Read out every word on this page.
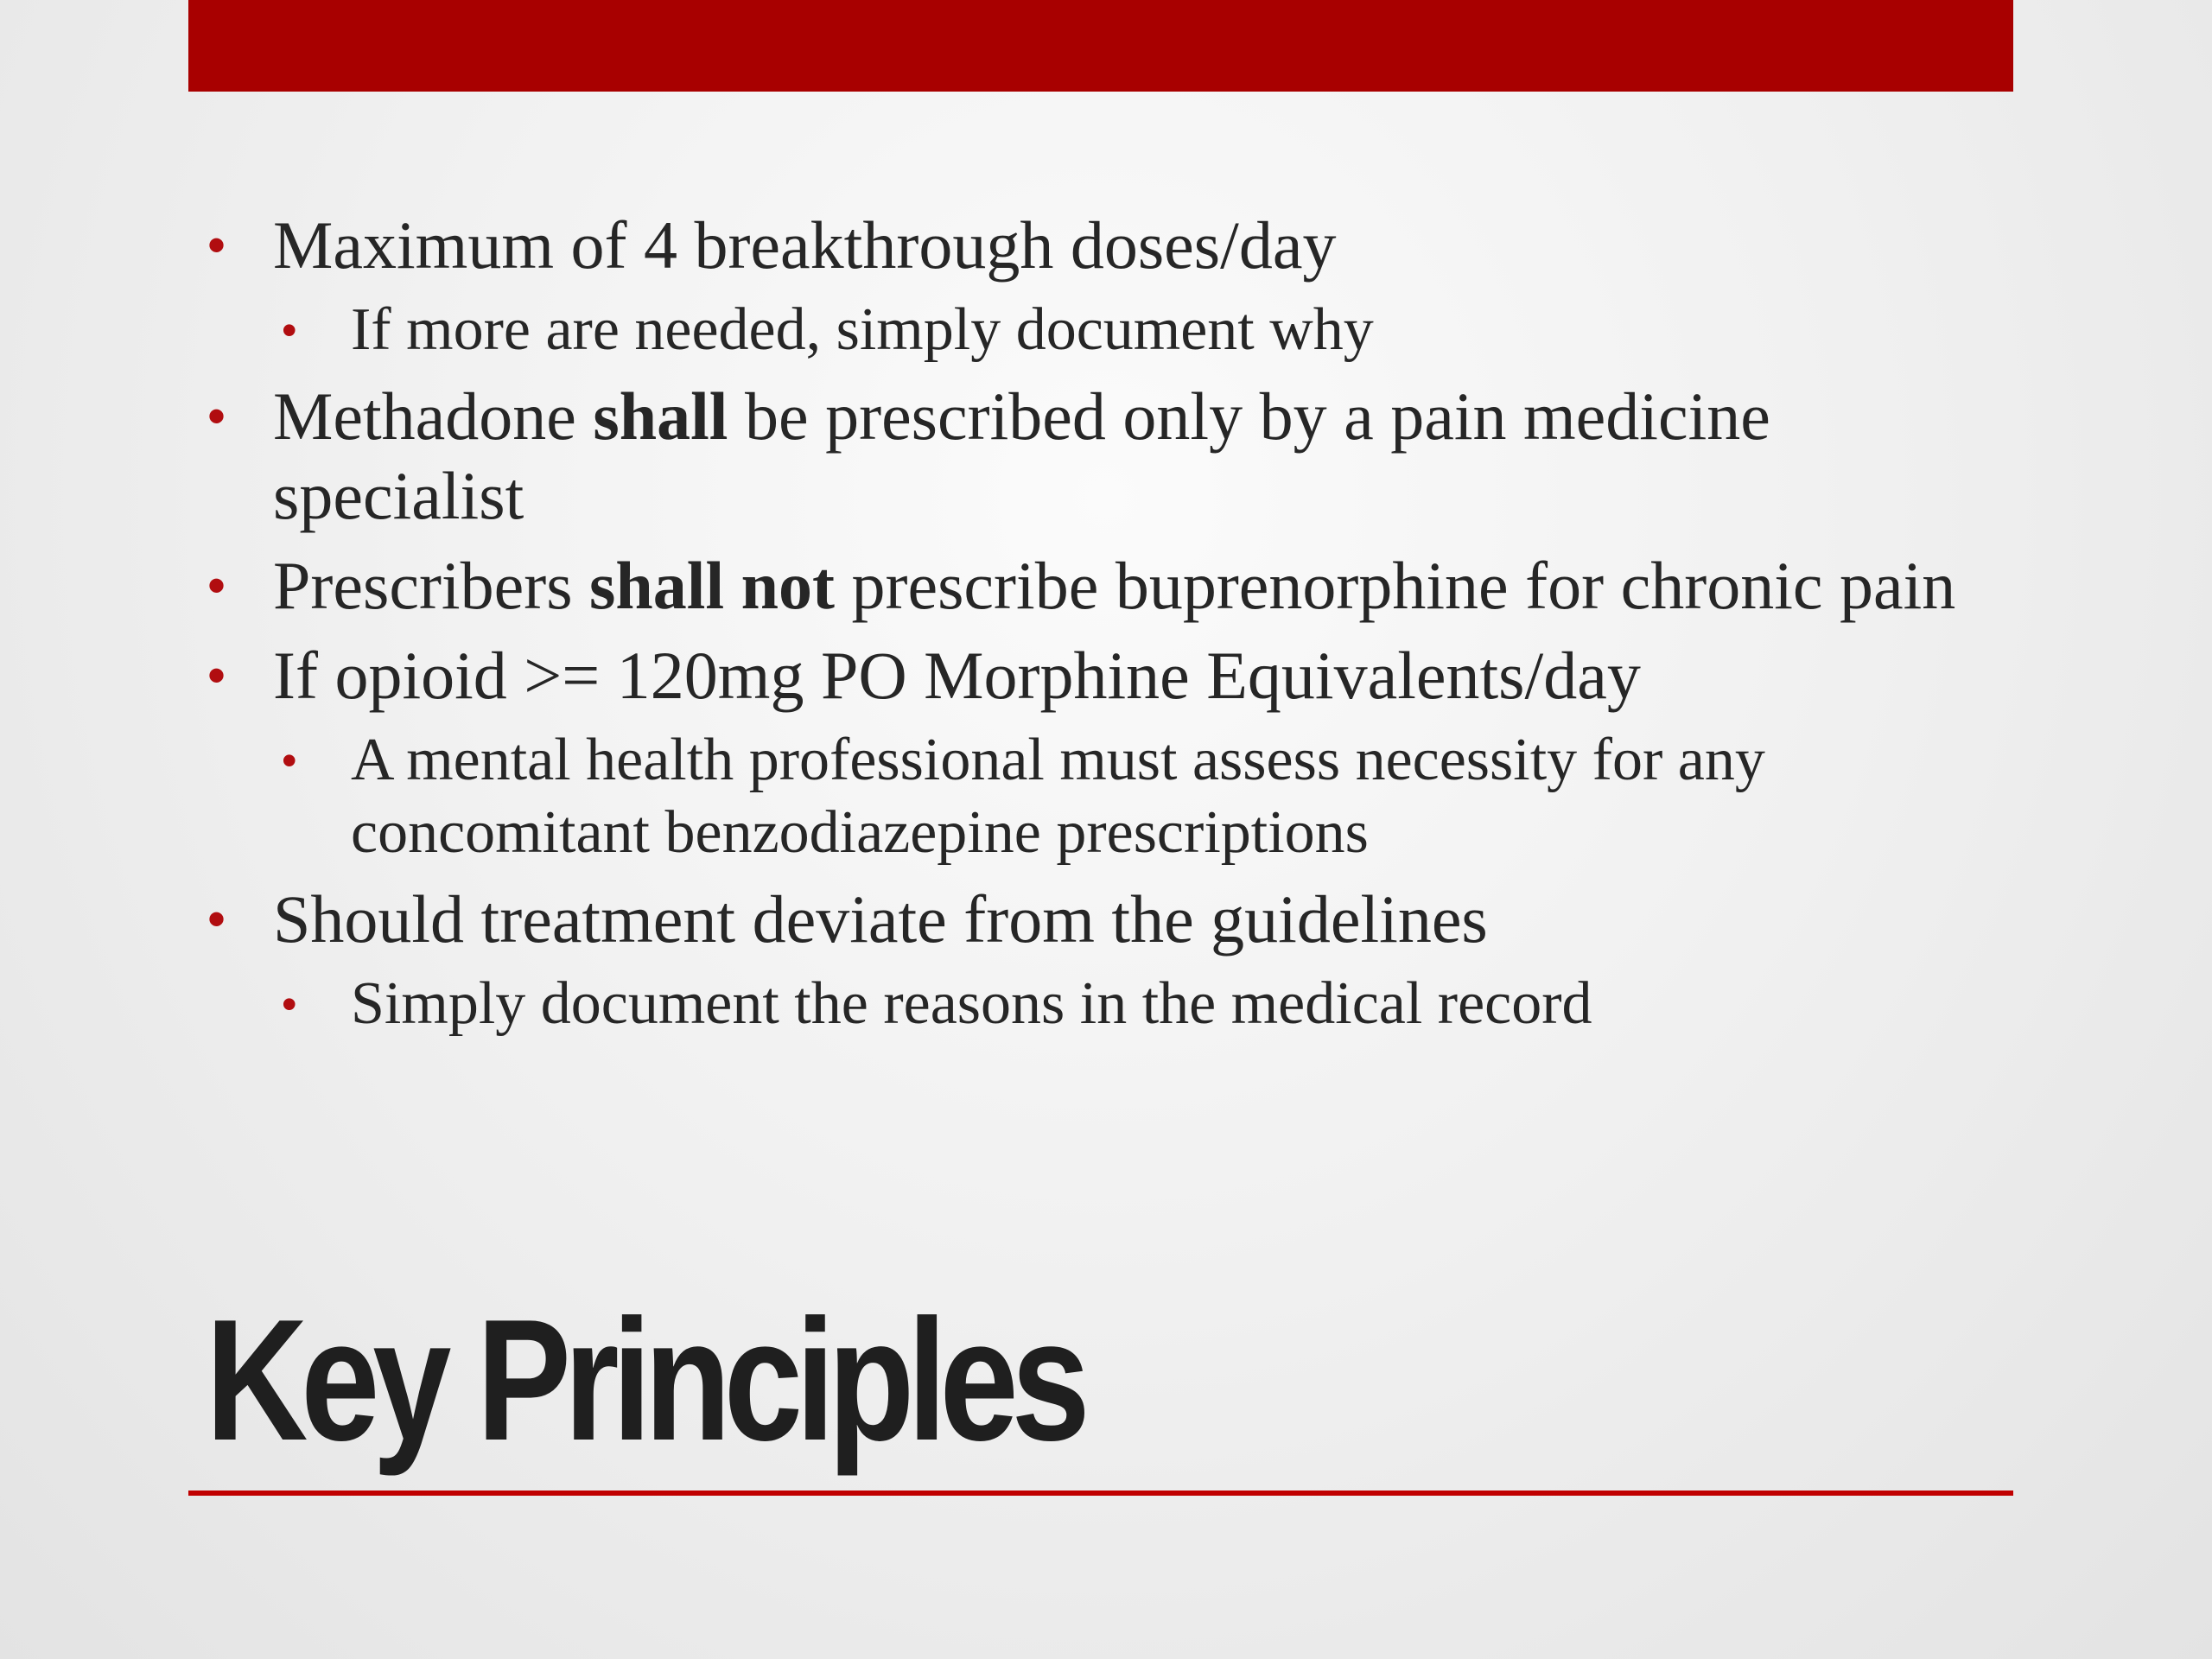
• Maximum of 4 breakthrough doses/day
• If more are needed, simply document why
• Methadone shall be prescribed only by a pain medicine specialist
• Prescribers shall not prescribe buprenorphine for chronic pain
• If opioid >= 120mg PO Morphine Equivalents/day
• A mental health professional must assess necessity for any concomitant benzodiazepine prescriptions
• Should treatment deviate from the guidelines
• Simply document the reasons in the medical record
Key Principles
